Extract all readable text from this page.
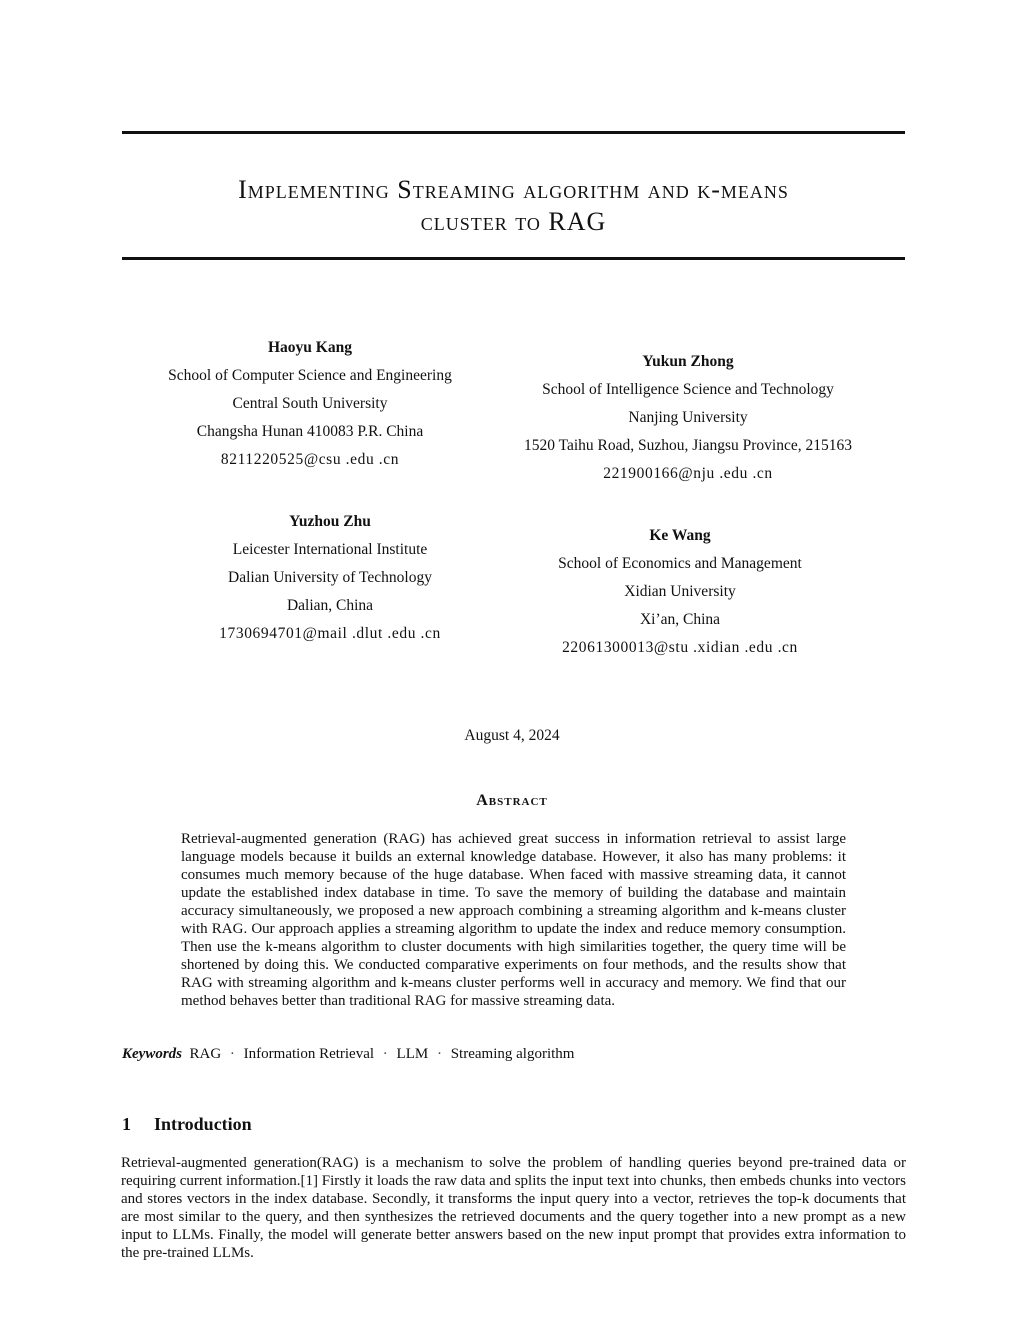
Implementing Streaming algorithm and k-means
cluster to RAG
Haoyu Kang
School of Computer Science and Engineering
Central South University
Changsha Hunan 410083 P.R. China
8211220525@csu .edu .cn
Yukun Zhong
School of Intelligence Science and Technology
Nanjing University
1520 Taihu Road, Suzhou, Jiangsu Province, 215163
221900166@nju .edu .cn
Yuzhou Zhu
Leicester International Institute
Dalian University of Technology
Dalian, China
1730694701@mail .dlut .edu .cn
Ke Wang
School of Economics and Management
Xidian University
Xi’an, China
22061300013@stu .xidian .edu .cn
August 4, 2024
Abstract
Retrieval-augmented generation (RAG) has achieved great success in information retrieval to assist large language models because it builds an external knowledge database. However, it also has many problems: it consumes much memory because of the huge database. When faced with massive streaming data, it cannot update the established index database in time. To save the memory of building the database and maintain accuracy simultaneously, we proposed a new approach combining a streaming algorithm and k-means cluster with RAG. Our approach applies a streaming algorithm to update the index and reduce memory consumption. Then use the k-means algorithm to cluster documents with high similarities together, the query time will be shortened by doing this. We conducted comparative experiments on four methods, and the results show that RAG with streaming algorithm and k-means cluster performs well in accuracy and memory. We find that our method behaves better than traditional RAG for massive streaming data.
Keywords RAG · Information Retrieval · LLM · Streaming algorithm
1 Introduction
Retrieval-augmented generation(RAG) is a mechanism to solve the problem of handling queries beyond pre-trained data or requiring current information.[1] Firstly it loads the raw data and splits the input text into chunks, then embeds chunks into vectors and stores vectors in the index database. Secondly, it transforms the input query into a vector, retrieves the top-k documents that are most similar to the query, and then synthesizes the retrieved documents and the query together into a new prompt as a new input to LLMs. Finally, the model will generate better answers based on the new input prompt that provides extra information to the pre-trained LLMs.
